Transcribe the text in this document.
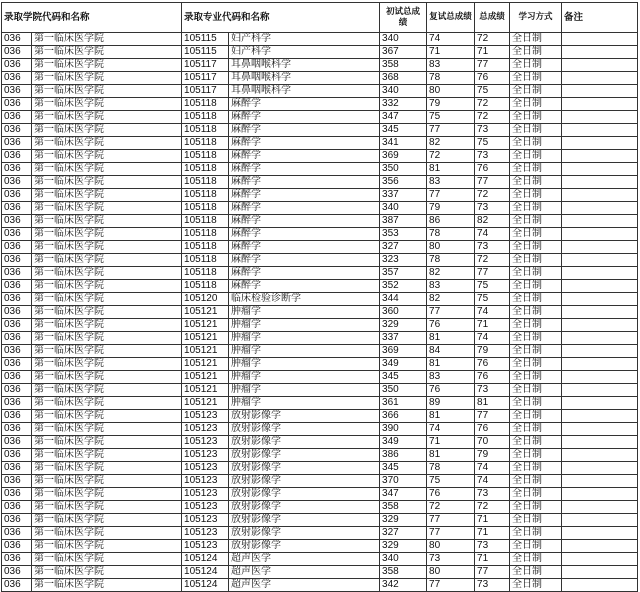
录取学院代码和名称		录取专业代码和名称		初试总成绩	复试总成绩	总成绩	学习方式	备注
036	第一临床医学院	105115	妇产科学	340	74	72	全日制	
036	第一临床医学院	105115	妇产科学	367	71	71	全日制	
036	第一临床医学院	105117	耳鼻咽喉科学	358	83	77	全日制	
036	第一临床医学院	105117	耳鼻咽喉科学	368	78	76	全日制	
036	第一临床医学院	105117	耳鼻咽喉科学	340	80	75	全日制	
036	第一临床医学院	105118	麻醉学	332	79	72	全日制	
036	第一临床医学院	105118	麻醉学	347	75	72	全日制	
036	第一临床医学院	105118	麻醉学	345	77	73	全日制	
036	第一临床医学院	105118	麻醉学	341	82	75	全日制	
036	第一临床医学院	105118	麻醉学	369	72	73	全日制	
036	第一临床医学院	105118	麻醉学	350	81	76	全日制	
036	第一临床医学院	105118	麻醉学	356	83	77	全日制	
036	第一临床医学院	105118	麻醉学	337	77	72	全日制	
036	第一临床医学院	105118	麻醉学	340	79	73	全日制	
036	第一临床医学院	105118	麻醉学	387	86	82	全日制	
036	第一临床医学院	105118	麻醉学	353	78	74	全日制	
036	第一临床医学院	105118	麻醉学	327	80	73	全日制	
036	第一临床医学院	105118	麻醉学	323	78	72	全日制	
036	第一临床医学院	105118	麻醉学	357	82	77	全日制	
036	第一临床医学院	105118	麻醉学	352	83	75	全日制	
036	第一临床医学院	105120	临床检验诊断学	344	82	75	全日制	
036	第一临床医学院	105121	肿瘤学	360	77	74	全日制	
036	第一临床医学院	105121	肿瘤学	329	76	71	全日制	
036	第一临床医学院	105121	肿瘤学	337	81	74	全日制	
036	第一临床医学院	105121	肿瘤学	369	84	79	全日制	
036	第一临床医学院	105121	肿瘤学	349	81	76	全日制	
036	第一临床医学院	105121	肿瘤学	345	83	76	全日制	
036	第一临床医学院	105121	肿瘤学	350	76	73	全日制	
036	第一临床医学院	105121	肿瘤学	361	89	81	全日制	
036	第一临床医学院	105123	放射影像学	366	81	77	全日制	
036	第一临床医学院	105123	放射影像学	390	74	76	全日制	
036	第一临床医学院	105123	放射影像学	349	71	70	全日制	
036	第一临床医学院	105123	放射影像学	386	81	79	全日制	
036	第一临床医学院	105123	放射影像学	345	78	74	全日制	
036	第一临床医学院	105123	放射影像学	370	75	74	全日制	
036	第一临床医学院	105123	放射影像学	347	76	73	全日制	
036	第一临床医学院	105123	放射影像学	358	72	72	全日制	
036	第一临床医学院	105123	放射影像学	329	77	71	全日制	
036	第一临床医学院	105123	放射影像学	327	77	71	全日制	
036	第一临床医学院	105123	放射影像学	329	80	73	全日制	
036	第一临床医学院	105124	超声医学	340	73	71	全日制	
036	第一临床医学院	105124	超声医学	358	80	77	全日制	
036	第一临床医学院	105124	超声医学	342	77	73	全日制	
